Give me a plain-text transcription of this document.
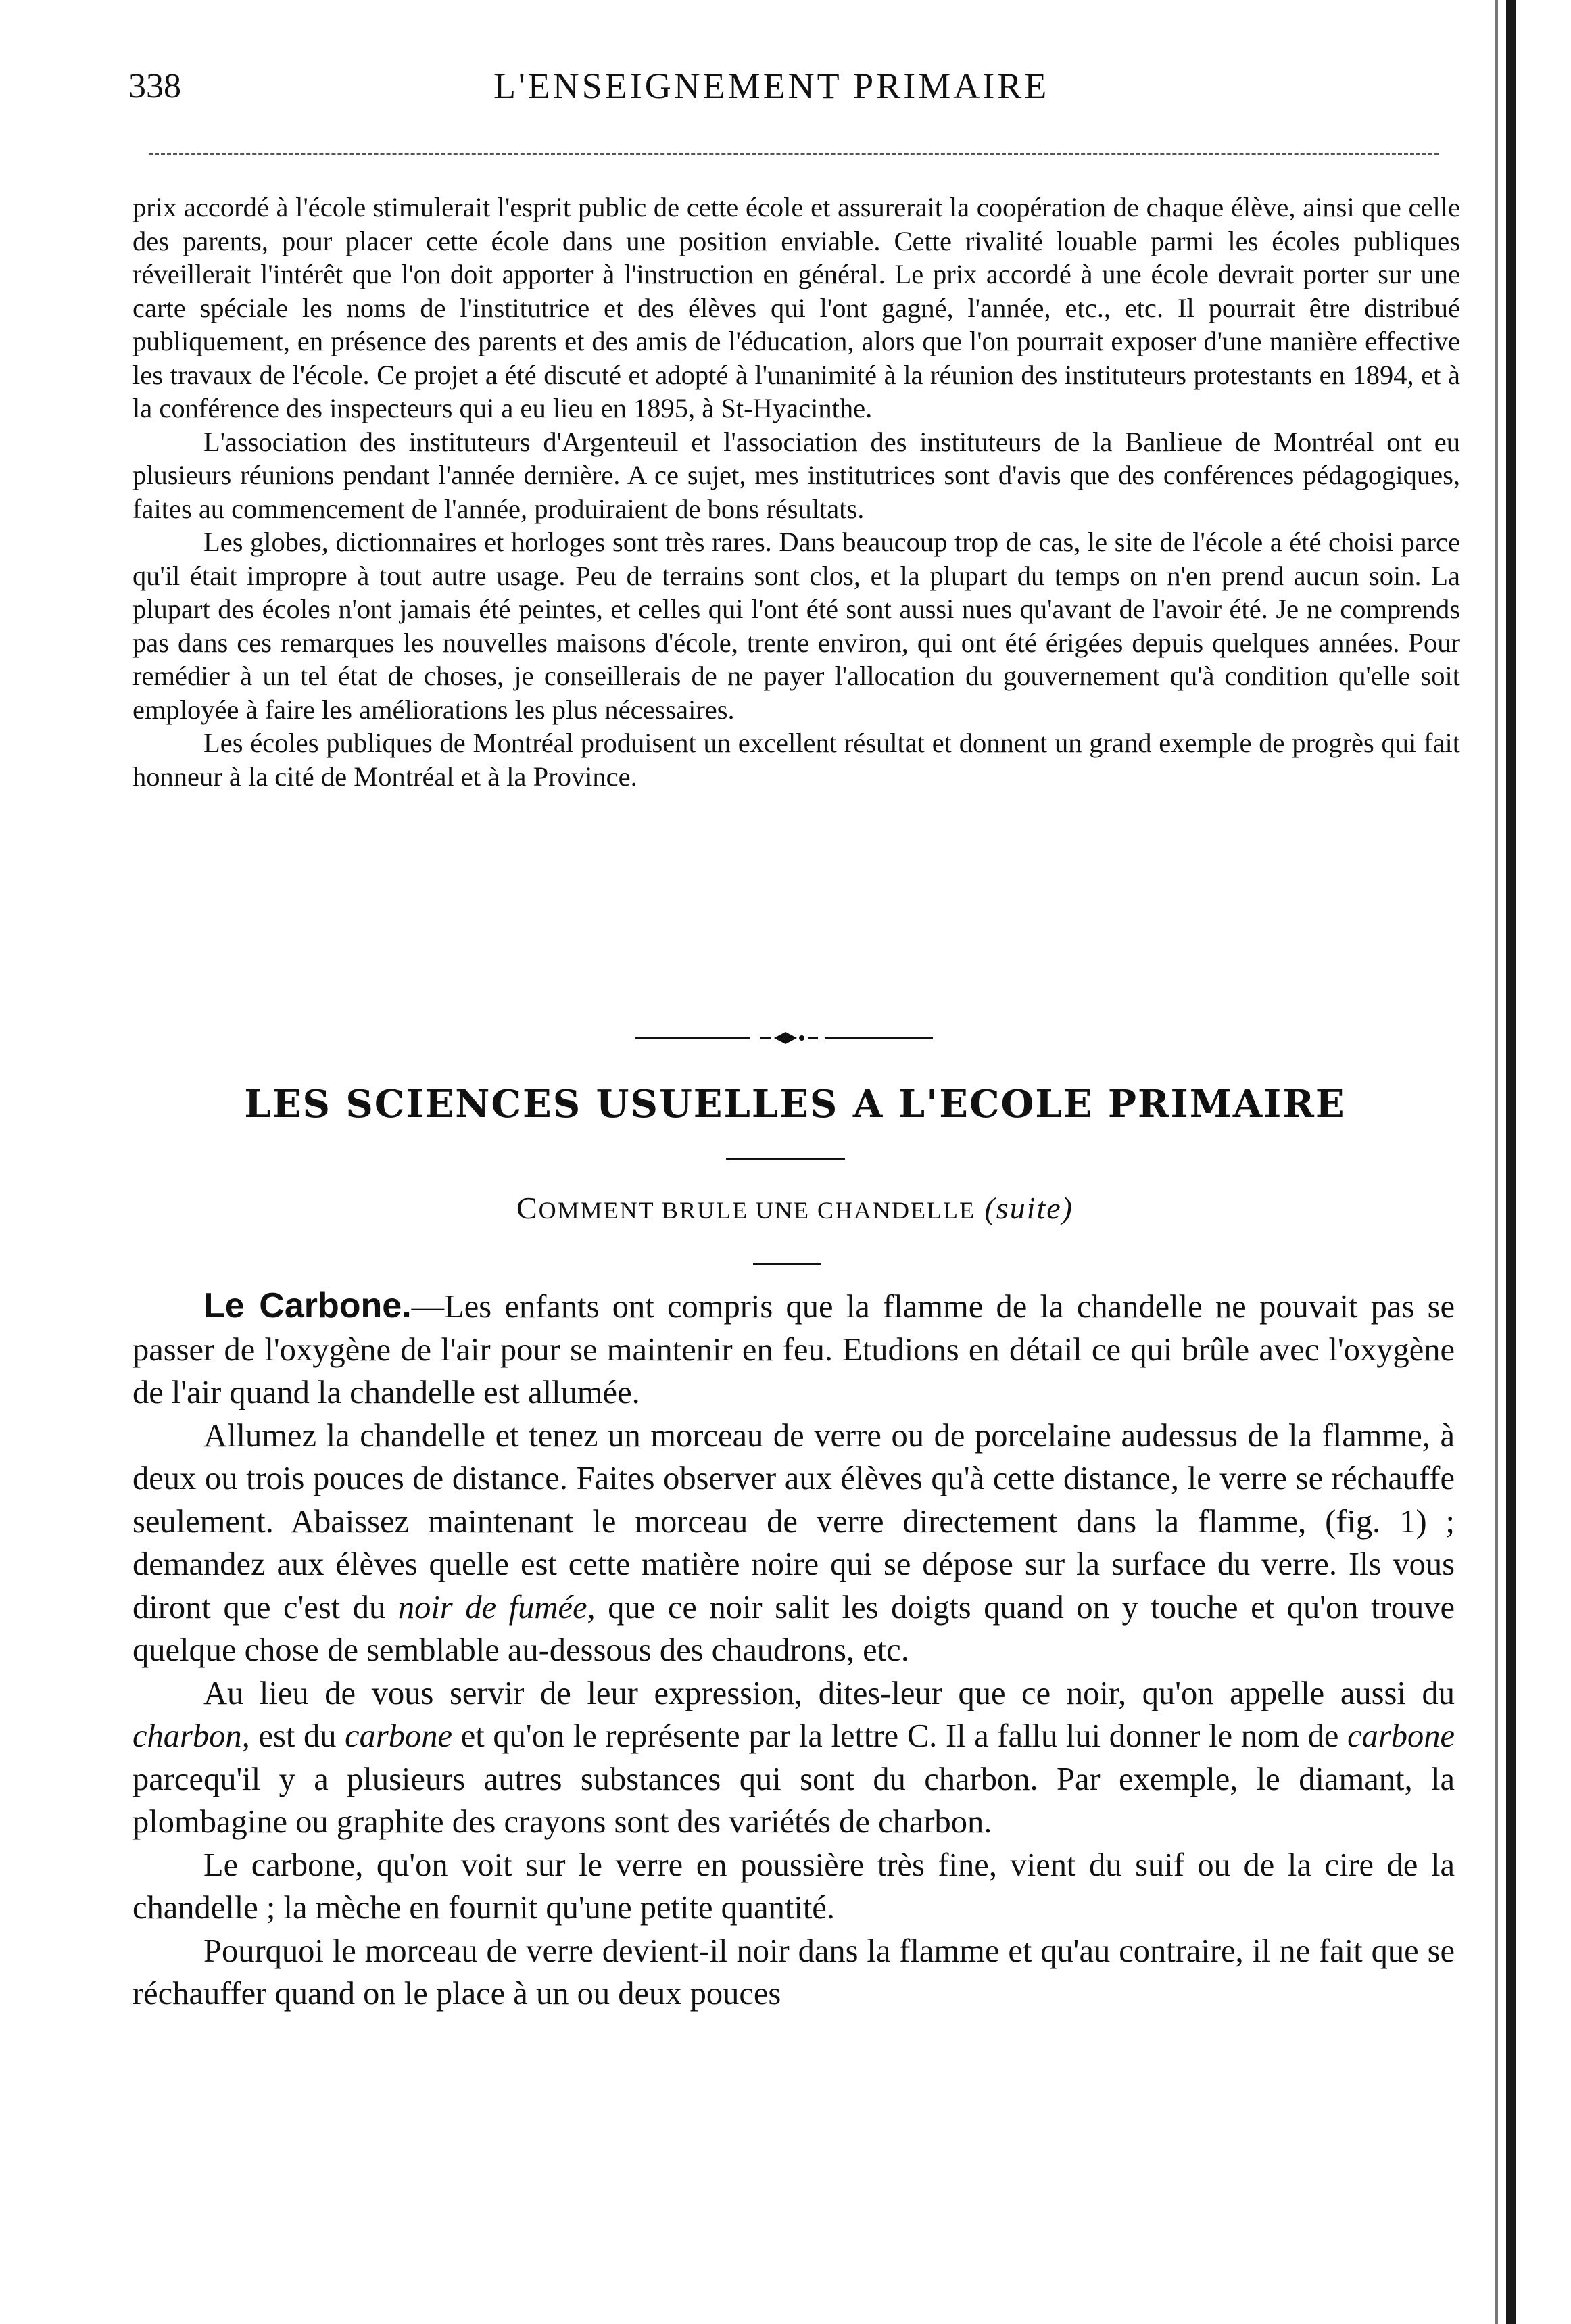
338	L'ENSEIGNEMENT PRIMAIRE

prix accordé à l'école stimulerait l'esprit public de cette école et assurerait la coopération de chaque élève, ainsi que celle des parents, pour placer cette école dans une position enviable. Cette rivalité louable parmi les écoles publiques réveillerait l'intérêt que l'on doit apporter à l'instruction en général. Le prix accordé à une école devrait porter sur une carte spéciale les noms de l'institutrice et des élèves qui l'ont gagné, l'année, etc., etc. Il pourrait être distribué publiquement, en présence des parents et des amis de l'éducation, alors que l'on pourrait exposer d'une manière effective les travaux de l'école. Ce projet a été discuté et adopté à l'unanimité à la réunion des instituteurs protestants en 1894, et à la conférence des inspecteurs qui a eu lieu en 1895, à St-Hyacinthe.

L'association des instituteurs d'Argenteuil et l'association des instituteurs de la Banlieue de Montréal ont eu plusieurs réunions pendant l'année dernière. A ce sujet, mes institutrices sont d'avis que des conférences pédagogiques, faites au commencement de l'année, produiraient de bons résultats.

Les globes, dictionnaires et horloges sont très rares. Dans beaucoup trop de cas, le site de l'école a été choisi parce qu'il était impropre à tout autre usage. Peu de terrains sont clos, et la plupart du temps on n'en prend aucun soin. La plupart des écoles n'ont jamais été peintes, et celles qui l'ont été sont aussi nues qu'avant de l'avoir été. Je ne comprends pas dans ces remarques les nouvelles maisons d'école, trente environ, qui ont été érigées depuis quelques années. Pour remédier à un tel état de choses, je conseillerais de ne payer l'allocation du gouvernement qu'à condition qu'elle soit employée à faire les améliorations les plus nécessaires.

Les écoles publiques de Montréal produisent un excellent résultat et donnent un grand exemple de progrès qui fait honneur à la cité de Montréal et à la Province.

LES SCIENCES USUELLES A L'ECOLE PRIMAIRE
COMMENT BRULE UNE CHANDELLE (suite)

Le Carbone.—Les enfants ont compris que la flamme de la chandelle ne pouvait pas se passer de l'oxygène de l'air pour se maintenir en feu. Etudions en détail ce qui brûle avec l'oxygène de l'air quand la chandelle est allumée.

Allumez la chandelle et tenez un morceau de verre ou de porcelaine audessus de la flamme, à deux ou trois pouces de distance. Faites observer aux élèves qu'à cette distance, le verre se réchauffe seulement. Abaissez maintenant le morceau de verre directement dans la flamme, (fig. 1) ; demandez aux élèves quelle est cette matière noire qui se dépose sur la surface du verre. Ils vous diront que c'est du noir de fumée, que ce noir salit les doigts quand on y touche et qu'on trouve quelque chose de semblable au-dessous des chaudrons, etc.

Au lieu de vous servir de leur expression, dites-leur que ce noir, qu'on appelle aussi du charbon, est du carbone et qu'on le représente par la lettre C. Il a fallu lui donner le nom de carbone parcequ'il y a plusieurs autres substances qui sont du charbon. Par exemple, le diamant, la plombagine ou graphite des crayons sont des variétés de charbon.

Le carbone, qu'on voit sur le verre en poussière très fine, vient du suif ou de la cire de la chandelle ; la mèche en fournit qu'une petite quantité.

Pourquoi le morceau de verre devient-il noir dans la flamme et qu'au contraire, il ne fait que se réchauffer quand on le place à un ou deux pouces
